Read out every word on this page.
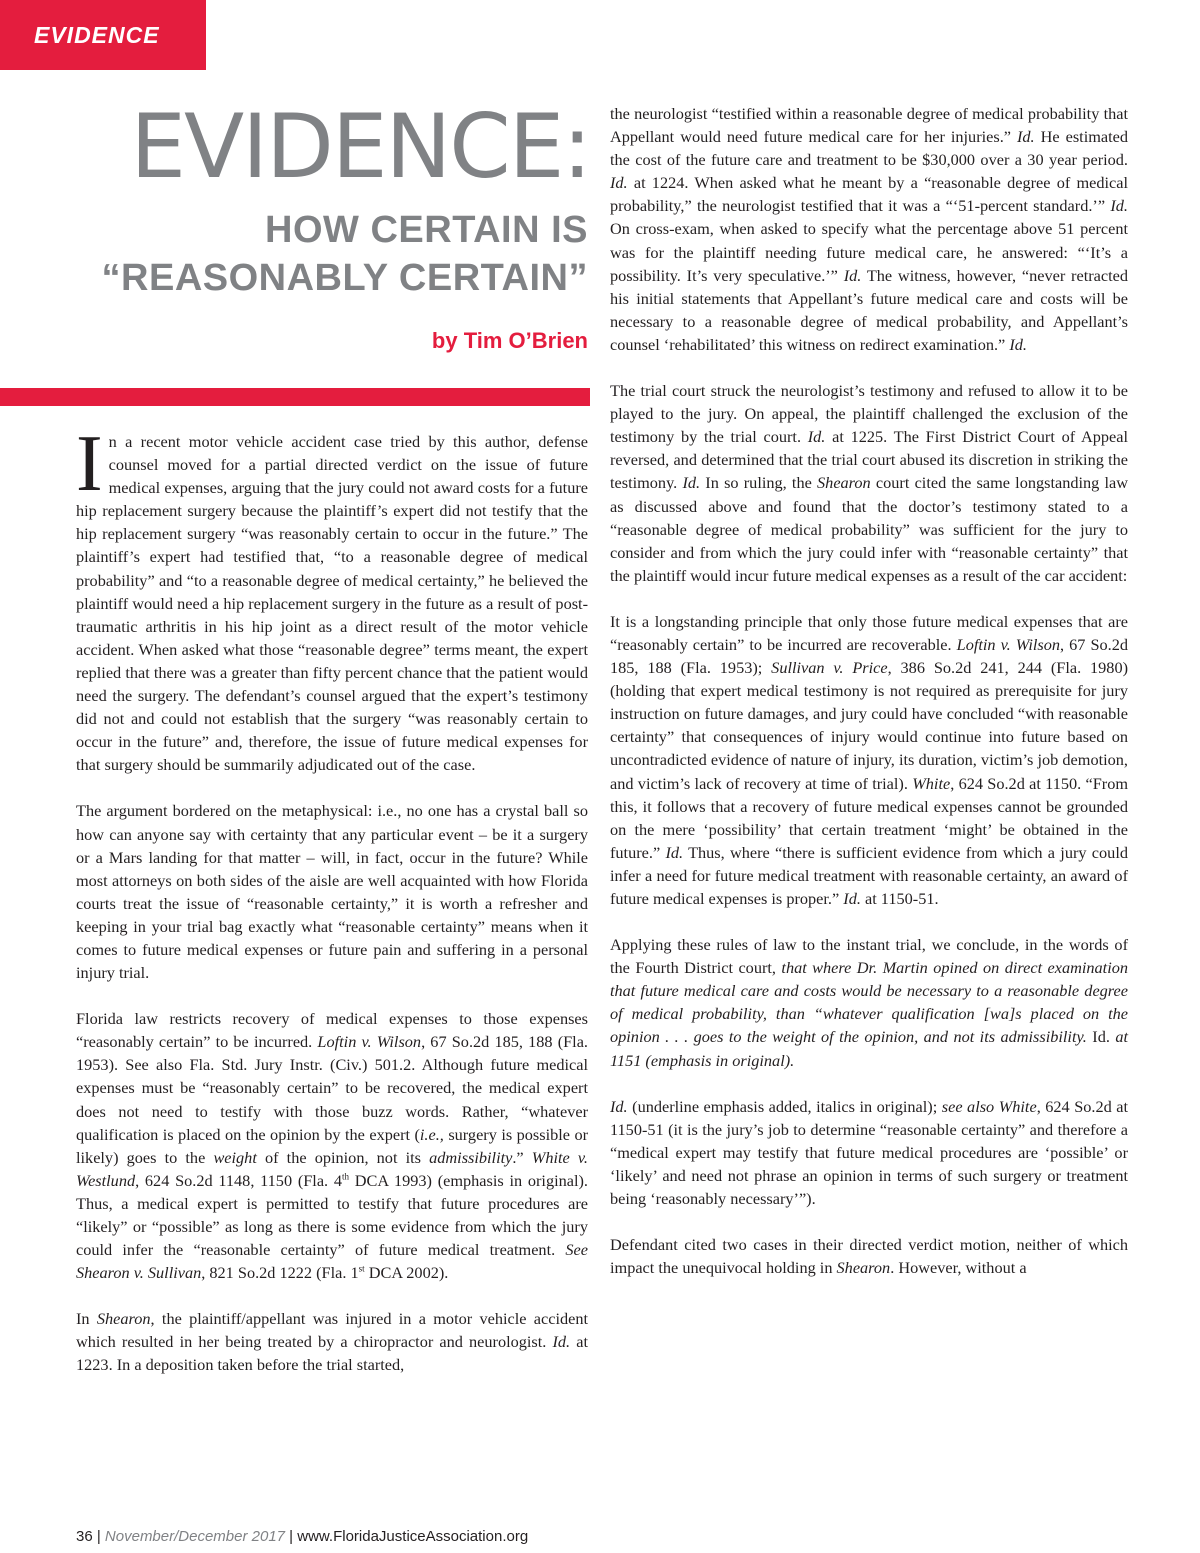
EVIDENCE
EVIDENCE:
HOW CERTAIN IS
“REASONABLY CERTAIN”
by Tim O’Brien

In a recent motor vehicle accident case tried by this author, defense counsel moved for a partial directed verdict on the issue of future medical expenses, arguing that the jury could not award costs for a future hip replacement surgery because the plaintiff’s expert did not testify that the hip replacement surgery “was reasonably certain to occur in the future.” The plaintiff’s expert had testified that, “to a reasonable degree of medical probability” and “to a reasonable degree of medical certainty,” he believed the plaintiff would need a hip replacement surgery in the future as a result of post-traumatic arthritis in his hip joint as a direct result of the motor vehicle accident. When asked what those “reasonable degree” terms meant, the expert replied that there was a greater than fifty percent chance that the patient would need the surgery. The defendant’s counsel argued that the expert’s testimony did not and could not establish that the surgery “was reasonably certain to occur in the future” and, therefore, the issue of future medical expenses for that surgery should be summarily adjudicated out of the case.

The argument bordered on the metaphysical: i.e., no one has a crystal ball so how can anyone say with certainty that any particular event – be it a surgery or a Mars landing for that matter – will, in fact, occur in the future? While most attorneys on both sides of the aisle are well acquainted with how Florida courts treat the issue of “reasonable certainty,” it is worth a refresher and keeping in your trial bag exactly what “reasonable certainty” means when it comes to future medical expenses or future pain and suffering in a personal injury trial.

Florida law restricts recovery of medical expenses to those expenses “reasonably certain” to be incurred. Loftin v. Wilson, 67 So.2d 185, 188 (Fla. 1953). See also Fla. Std. Jury Instr. (Civ.) 501.2. Although future medical expenses must be “reasonably certain” to be recovered, the medical expert does not need to testify with those buzz words. Rather, “whatever qualification is placed on the opinion by the expert (i.e., surgery is possible or likely) goes to the weight of the opinion, not its admissibility.” White v. Westlund, 624 So.2d 1148, 1150 (Fla. 4th DCA 1993) (emphasis in original). Thus, a medical expert is permitted to testify that future procedures are “likely” or “possible” as long as there is some evidence from which the jury could infer the “reasonable certainty” of future medical treatment. See Shearon v. Sullivan, 821 So.2d 1222 (Fla. 1st DCA 2002).

In Shearon, the plaintiff/appellant was injured in a motor vehicle accident which resulted in her being treated by a chiropractor and neurologist. Id. at 1223. In a deposition taken before the trial started,

the neurologist “testified within a reasonable degree of medical probability that Appellant would need future medical care for her injuries.” Id. He estimated the cost of the future care and treatment to be $30,000 over a 30 year period. Id. at 1224. When asked what he meant by a “reasonable degree of medical probability,” the neurologist testified that it was a “‘51-percent standard.’” Id. On cross-exam, when asked to specify what the percentage above 51 percent was for the plaintiff needing future medical care, he answered: “‘It’s a possibility. It’s very speculative.’” Id. The witness, however, “never retracted his initial statements that Appellant’s future medical care and costs will be necessary to a reasonable degree of medical probability, and Appellant’s counsel ‘rehabilitated’ this witness on redirect examination.” Id.

The trial court struck the neurologist’s testimony and refused to allow it to be played to the jury. On appeal, the plaintiff challenged the exclusion of the testimony by the trial court. Id. at 1225. The First District Court of Appeal reversed, and determined that the trial court abused its discretion in striking the testimony. Id. In so ruling, the Shearon court cited the same longstanding law as discussed above and found that the doctor’s testimony stated to a “reasonable degree of medical probability” was sufficient for the jury to consider and from which the jury could infer with “reasonable certainty” that the plaintiff would incur future medical expenses as a result of the car accident:

It is a longstanding principle that only those future medical expenses that are “reasonably certain” to be incurred are recoverable. Loftin v. Wilson, 67 So.2d 185, 188 (Fla. 1953); Sullivan v. Price, 386 So.2d 241, 244 (Fla. 1980) (holding that expert medical testimony is not required as prerequisite for jury instruction on future damages, and jury could have concluded “with reasonable certainty” that consequences of injury would continue into future based on uncontradicted evidence of nature of injury, its duration, victim’s job demotion, and victim’s lack of recovery at time of trial). White, 624 So.2d at 1150. “From this, it follows that a recovery of future medical expenses cannot be grounded on the mere ‘possibility’ that certain treatment ‘might’ be obtained in the future.” Id. Thus, where “there is sufficient evidence from which a jury could infer a need for future medical treatment with reasonable certainty, an award of future medical expenses is proper.” Id. at 1150-51.

Applying these rules of law to the instant trial, we conclude, in the words of the Fourth District court, that where Dr. Martin opined on direct examination that future medical care and costs would be necessary to a reasonable degree of medical probability, than “whatever qualification [wa]s placed on the opinion . . . goes to the weight of the opinion, and not its admissibility. Id. at 1151 (emphasis in original).

Id. (underline emphasis added, italics in original); see also White, 624 So.2d at 1150-51 (it is the jury’s job to determine “reasonable certainty” and therefore a “medical expert may testify that future medical procedures are ‘possible’ or ‘likely’ and need not phrase an opinion in terms of such surgery or treatment being ‘reasonably necessary’”).

Defendant cited two cases in their directed verdict motion, neither of which impact the unequivocal holding in Shearon. However, without a

36 | November/December 2017 | www.FloridaJusticeAssociation.org
